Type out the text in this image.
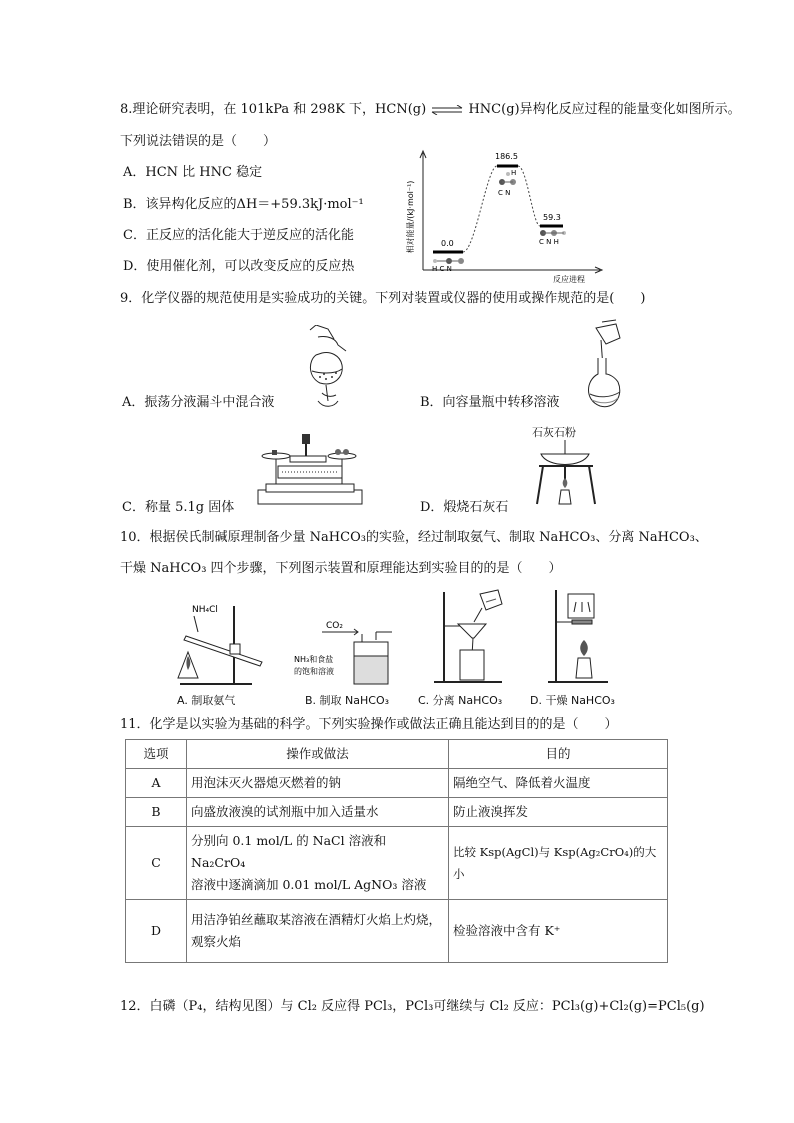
8.理论研究表明，在 101kPa 和 298K 下，HCN(g) ⇌ HNC(g)异构化反应过程的能量变化如图所示。
下列说法错误的是（　　）
A．HCN 比 HNC 稳定
B．该异构化反应的ΔH＝+59.3kJ·mol⁻¹
C．正反应的活化能大于逆反应的活化能
D．使用催化剂，可以改变反应的反应热
相对能量/(kJ·mol⁻¹)
反应进程
0.0
186.5
59.3
H C N
H
C N
C N H
9．化学仪器的规范使用是实验成功的关键。下列对装置或仪器的使用或操作规范的是(　　)
A．振荡分液漏斗中混合液	B．向容量瓶中转移溶液
C．称量 5.1g 固体
石灰石粉
D．煅烧石灰石
10．根据侯氏制碱原理制备少量 NaHCO₃的实验，经过制取氨气、制取 NaHCO₃、分离 NaHCO₃、
干燥 NaHCO₃ 四个步骤，下列图示装置和原理能达到实验目的的是（　　）
NH₄Cl
CO₂
NH₃和食盐
的饱和溶液
A. 制取氨气	B. 制取 NaHCO₃	C. 分离 NaHCO₃	D. 干燥 NaHCO₃
11．化学是以实验为基础的科学。下列实验操作或做法正确且能达到目的的是（　　）
选项	操作或做法	目的
A	用泡沫灭火器熄灭燃着的钠	隔绝空气、降低着火温度
B	向盛放液溴的试剂瓶中加入适量水	防止液溴挥发
C	分别向 0.1 mol/L 的 NaCl 溶液和 Na₂CrO₄
溶液中逐滴滴加 0.01 mol/L AgNO₃ 溶液	比较 Ksp(AgCl)与 Ksp(Ag₂CrO₄)的大小
D	用洁净铂丝蘸取某溶液在酒精灯火焰上灼烧，
观察火焰	检验溶液中含有 K⁺
12．白磷（P₄，结构见图）与 Cl₂ 反应得 PCl₃，PCl₃可继续与 Cl₂ 反应：PCl₃(g)+Cl₂(g)=PCl₅(g)
